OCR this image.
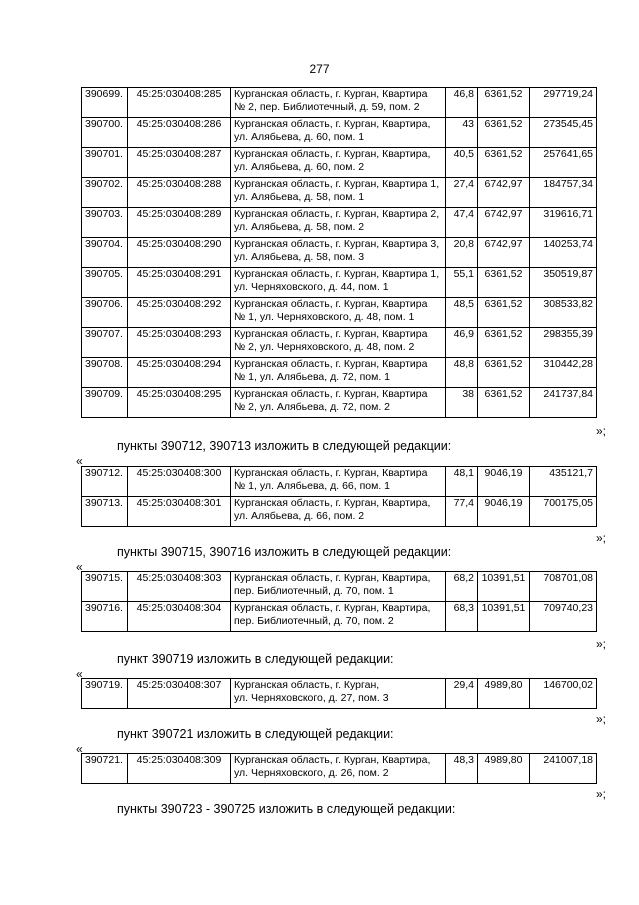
277
390699.	45:25:030408:285	Курганская область, г. Курган, Квартира
№ 2, пер. Библиотечный, д. 59, пом. 2	46,8	6361,52	297719,24
390700.	45:25:030408:286	Курганская область, г. Курган, Квартира,
ул. Алябьева, д. 60, пом. 1	43	6361,52	273545,45
390701.	45:25:030408:287	Курганская область, г. Курган, Квартира,
ул. Алябьева, д. 60, пом. 2	40,5	6361,52	257641,65
390702.	45:25:030408:288	Курганская область, г. Курган, Квартира 1,
ул. Алябьева, д. 58, пом. 1	27,4	6742,97	184757,34
390703.	45:25:030408:289	Курганская область, г. Курган, Квартира 2,
ул. Алябьева, д. 58, пом. 2	47,4	6742,97	319616,71
390704.	45:25:030408:290	Курганская область, г. Курган, Квартира 3,
ул. Алябьева, д. 58, пом. 3	20,8	6742,97	140253,74
390705.	45:25:030408:291	Курганская область, г. Курган, Квартира 1,
ул. Черняховского, д. 44, пом. 1	55,1	6361,52	350519,87
390706.	45:25:030408:292	Курганская область, г. Курган, Квартира
№ 1, ул. Черняховского, д. 48, пом. 1	48,5	6361,52	308533,82
390707.	45:25:030408:293	Курганская область, г. Курган, Квартира
№ 2, ул. Черняховского, д. 48, пом. 2	46,9	6361,52	298355,39
390708.	45:25:030408:294	Курганская область, г. Курган, Квартира
№ 1, ул. Алябьева, д. 72, пом. 1	48,8	6361,52	310442,28
390709.	45:25:030408:295	Курганская область, г. Курган, Квартира
№ 2, ул. Алябьева, д. 72, пом. 2	38	6361,52	241737,84
»;
пункты 390712, 390713 изложить в следующей редакции:
«
390712.	45:25:030408:300	Курганская область, г. Курган, Квартира
№ 1, ул. Алябьева, д. 66, пом. 1	48,1	9046,19	435121,7
390713.	45:25:030408:301	Курганская область, г. Курган, Квартира,
ул. Алябьева, д. 66, пом. 2	77,4	9046,19	700175,05
»;
пункты 390715, 390716 изложить в следующей редакции:
«
390715.	45:25:030408:303	Курганская область, г. Курган, Квартира,
пер. Библиотечный, д. 70, пом. 1	68,2	10391,51	708701,08
390716.	45:25:030408:304	Курганская область, г. Курган, Квартира,
пер. Библиотечный, д. 70, пом. 2	68,3	10391,51	709740,23
»;
пункт 390719 изложить в следующей редакции:
«
390719.	45:25:030408:307	Курганская область, г. Курган,
ул. Черняховского, д. 27, пом. 3
	29,4	4989,80	146700,02
»;
пункт 390721 изложить в следующей редакции:
«
390721.	45:25:030408:309	Курганская область, г. Курган, Квартира,
ул. Черняховского, д. 26, пом. 2
	48,3	4989,80	241007,18
»;
пункты 390723 - 390725 изложить в следующей редакции:
